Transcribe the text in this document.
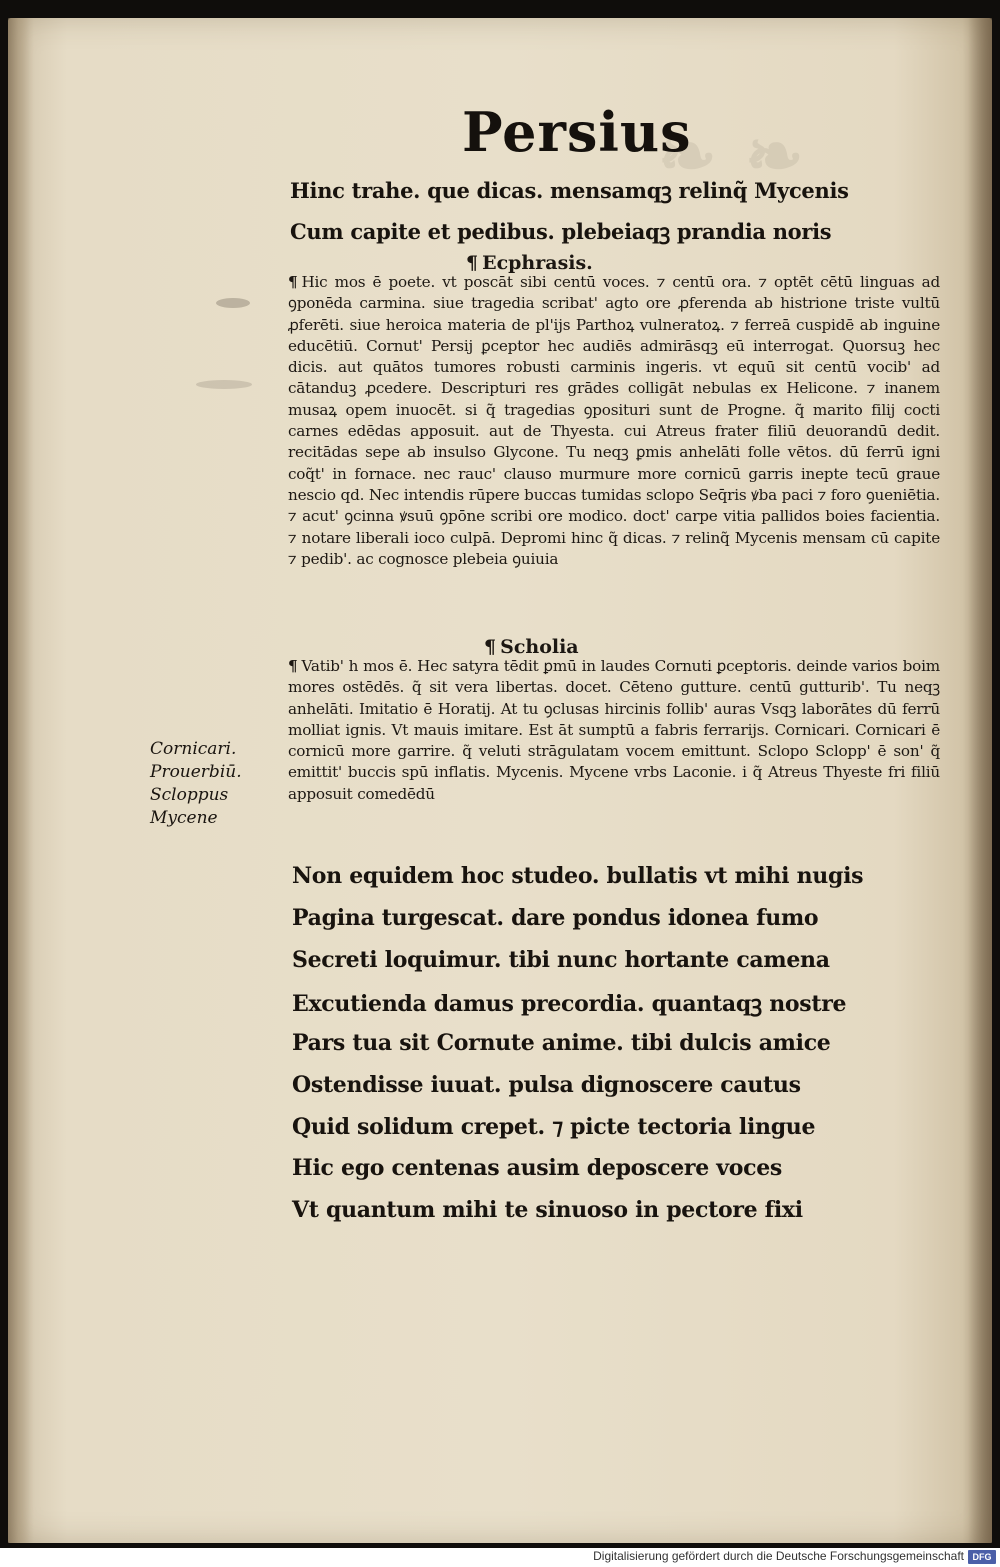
❧ ❧
Persius
Hinc trahe. que dicas. mensamqꝫ relinq̃ Mycenis
Cum capite et pedibus. plebeiaqꝫ prandia noris
¶ Ecphrasis.

¶ Hic mos ē poete. vt poscāt sibi centū voces. ⁊ centū ora. ⁊ optēt cētū linguas ad ꝯponēda carmina. siue tragedia scribat' agto ore ꝓferenda ab histrione triste vultū ꝓferēti. siue heroica materia de pl'ijs Parthoꝝ vulneratoꝝ. ⁊ ferreā cuspidē ab inguine educētiū. Cornut' Persij ꝑceptor hec audiēs admirāsqꝫ eū interrogat. Quorsuꝫ hec dicis. aut quātos tumores robusti carminis ingeris. vt equū sit centū vocib' ad cātanduꝫ ꝓcedere. Descripturi res grādes colligāt nebulas ex Helicone. ⁊ inanem musaꝝ opem inuocēt. si q̃ tragedias ꝯposituri sunt de Progne. q̃ marito filij cocti carnes edēdas apposuit. aut de Thyesta. cui Atreus frater filiū deuorandū dedit. recitādas sepe ab insulso Glycone. Tu neqꝫ ꝑmis anhelāti folle vētos. dū ferrū igni coq̃t' in fornace. nec rauc' clauso murmure more cornicū garris inepte tecū graue nescio qd. Nec intendis rūpere buccas tumidas sclopo Seq̄ris ꝟba paci ⁊ foro ꝯueniētia. ⁊ acut' ꝯcinna ꝟsuū ꝯpōne scribi ore modico. doct' carpe vitia pallidos boies facientia. ⁊ notare liberali ioco culpā. Depromi hinc q̃ dicas. ⁊ relinq̃ Mycenis mensam cū capite ⁊ pedib'. ac cognosce plebeia ꝯuiuia

¶ Scholia

¶ Vatib' h mos ē. Hec satyra tēdit ꝑmū in laudes Cornuti ꝑceptoris. deinde varios boim mores ostēdēs. q̃ sit vera libertas. docet. Cēteno gutture. centū gutturib'. Tu neqꝫ anhelāti. Imitatio ē Horatij. At tu ꝯclusas hircinis follib' auras Vsqꝫ laborātes dū ferrū molliat ignis. Vt mauis imitare. Est āt sumptū a fabris ferrarijs. Cornicari. Cornicari ē cornicū more garrire. q̃ veluti strāgulatam vocem emittunt. Sclopo Sclopp' ē son' q̃ emittit' buccis spū inflatis. Mycenis. Mycene vrbs Laconie. i q̃ Atreus Thyeste fri filiū apposuit comedēdū

Cornicari.
Prouerbiū.
Scloppus
Mycene
Non equidem hoc studeo. bullatis vt mihi nugis
Pagina turgescat. dare pondus idonea fumo
Secreti loquimur. tibi nunc hortante camena
Excutienda damus precordia. quantaqꝫ nostre
Pars tua sit Cornute anime. tibi dulcis amice
Ostendisse iuuat. pulsa dignoscere cautus
Quid solidum crepet. ⁊ picte tectoria lingue
Hic ego centenas ausim deposcere voces
Vt quantum mihi te sinuoso in pectore fixi
Digitalisierung gefördert durch die Deutsche Forschungsgemeinschaft DFG
